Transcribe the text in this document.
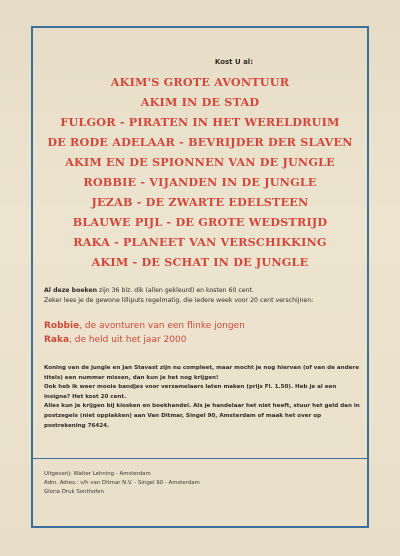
Kost U al:
AKIM'S GROTE AVONTUUR
AKIM IN DE STAD
FULGOR - PIRATEN IN HET WERELDRUIM
DE RODE ADELAAR - BEVRIJDER DER SLAVEN
AKIM EN DE SPIONNEN VAN DE JUNGLE
ROBBIE - VIJANDEN IN DE JUNGLE
JEZAB - DE ZWARTE EDELSTEEN
BLAUWE PIJL - DE GROTE WEDSTRIJD
RAKA - PLANEET VAN VERSCHIKKING
AKIM - DE SCHAT IN DE JUNGLE
Al deze boeken zijn 36 blz. dik (allen gekleurd) en kosten 60 cent.
Zeker lees je de gewone lilliputs regelmatig, die iedere week voor 20 cent verschijnen:
Robbie, de avonturen van een flinke jongen
Raka, de held uit het jaar 2000

Koning van de jungle en Jan Stavast zijn nu compleet, maar mocht je nog hiervan (of van de andere titels) een nummer missen, dan kun je het nog krijgen!

Ook heb ik weer mooie bandjes voor verzamelaars laten maken (prijs Fl. 1.50). Heb je al een insigne? Het kost 20 cent.

Alles kun je krijgen bij kiosken en boekhandel. Als je handelaar het niet heeft, stuur het geld dan in postzegels (niet opplakken) aan Van Ditmar, Singel 90, Amsterdam of maak het over op postrekening 76424.

Uitgeverij: Walter Lehning - Amsterdam
Adm. Adres.: v/h van Ditmar N.V. - Singel 90 - Amsterdam
Gloria Druk Sonthofen
